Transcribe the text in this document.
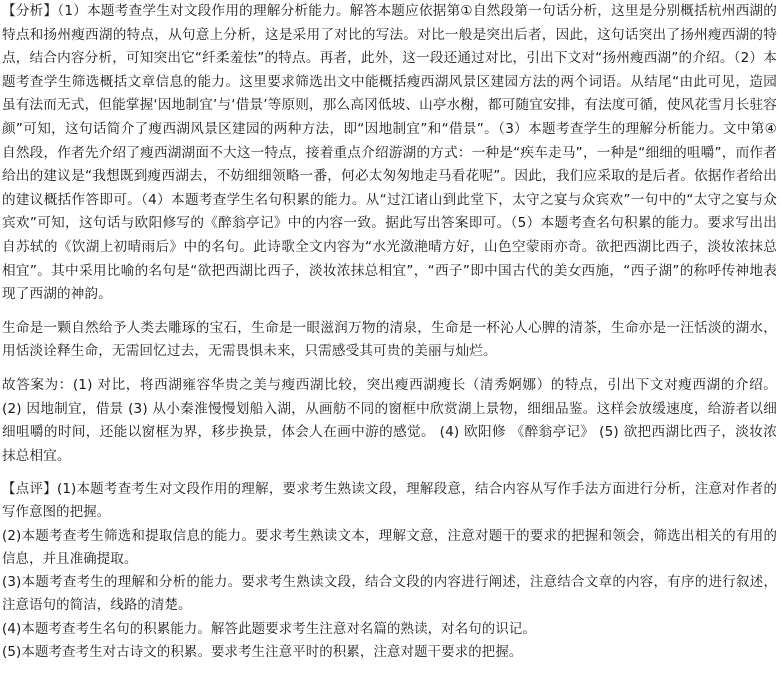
【分析】（1）本题考查学生对文段作用的理解分析能力。解答本题应依据第①自然段第一句话分析，这里是分别概括杭州西湖的特点和扬州瘦西湖的特点，从句意上分析，这是采用了对比的写法。对比一般是突出后者，因此，这句话突出了扬州瘦西湖的特点，结合内容分析，可知突出它“纤柔羞怯”的特点。再者，此外，这一段还通过对比，引出下文对“扬州瘦西湖”的介绍。（2）本题考查学生筛选概括文章信息的能力。这里要求筛选出文中能概括瘦西湖风景区建园方法的两个词语。从结尾“由此可见，造园虽有法而无式，但能掌握‘因地制宜’与‘借景’等原则，那么高冈低坡、山亭水榭，都可随宜安排，有法度可循，使风花雪月长驻容颜”可知，这句话简介了瘦西湖风景区建园的两种方法，即“因地制宜”和“借景”。（3）本题考查学生的理解分析能力。文中第④自然段，作者先介绍了瘦西湖湖面不大这一特点，接着重点介绍游湖的方式：一种是“疾车走马”，一种是“细细的咀嚼”，而作者给出的建议是“我想既到瘦西湖去，不妨细细领略一番，何必太匆匆地走马看花呢”。因此，我们应采取的是后者。依据作者给出的建议概括作答即可。（4）本题考查学生名句积累的能力。从“过江诸山到此堂下，太守之宴与众宾欢”一句中的“太守之宴与众宾欢”可知，这句话与欧阳修写的《醉翁亭记》中的内容一致。据此写出答案即可。（5）本题考查名句积累的能力。要求写出出自苏轼的《饮湖上初晴雨后》中的名句。此诗歌全文内容为“水光潋滟晴方好，山色空蒙雨亦奇。欲把西湖比西子，淡妆浓抹总相宜”。其中采用比喻的名句是“欲把西湖比西子，淡妆浓抹总相宜”，“西子”即中国古代的美女西施，“西子湖”的称呼传神地表现了西湖的神韵。

生命是一颗自然给予人类去雕琢的宝石，生命是一眼滋润万物的清泉，生命是一杯沁人心脾的清茶，生命亦是一汪恬淡的湖水，用恬淡诠释生命，无需回忆过去，无需畏惧未来，只需感受其可贵的美丽与灿烂。

故答案为：(1) 对比，将西湖雍容华贵之美与瘦西湖比较，突出瘦西湖瘦长（清秀婀娜）的特点，引出下文对瘦西湖的介绍。 (2) 因地制宜，借景 (3) 从小秦淮慢慢划船入湖，从画舫不同的窗框中欣赏湖上景物，细细品鉴。这样会放缓速度，给游者以细细咀嚼的时间，还能以窗框为界，移步换景，体会人在画中游的感觉。 (4) 欧阳修 《醉翁亭记》 (5) 欲把西湖比西子，淡妆浓抹总相宜。

【点评】(1)本题考查考生对文段作用的理解，要求考生熟读文段，理解段意，结合内容从写作手法方面进行分析，注意对作者的写作意图的把握。
(2)本题考查考生筛选和提取信息的能力。要求考生熟读文本，理解文意，注意对题干的要求的把握和领会，筛选出相关的有用的信息，并且准确提取。
(3)本题考查考生的理解和分析的能力。要求考生熟读文段，结合文段的内容进行阐述，注意结合文章的内容，有序的进行叙述，注意语句的简洁，线路的清楚。
(4)本题考查考生名句的积累能力。解答此题要求考生注意对名篇的熟读，对名句的识记。
(5)本题考查考生对古诗文的积累。要求考生注意平时的积累，注意对题干要求的把握。
